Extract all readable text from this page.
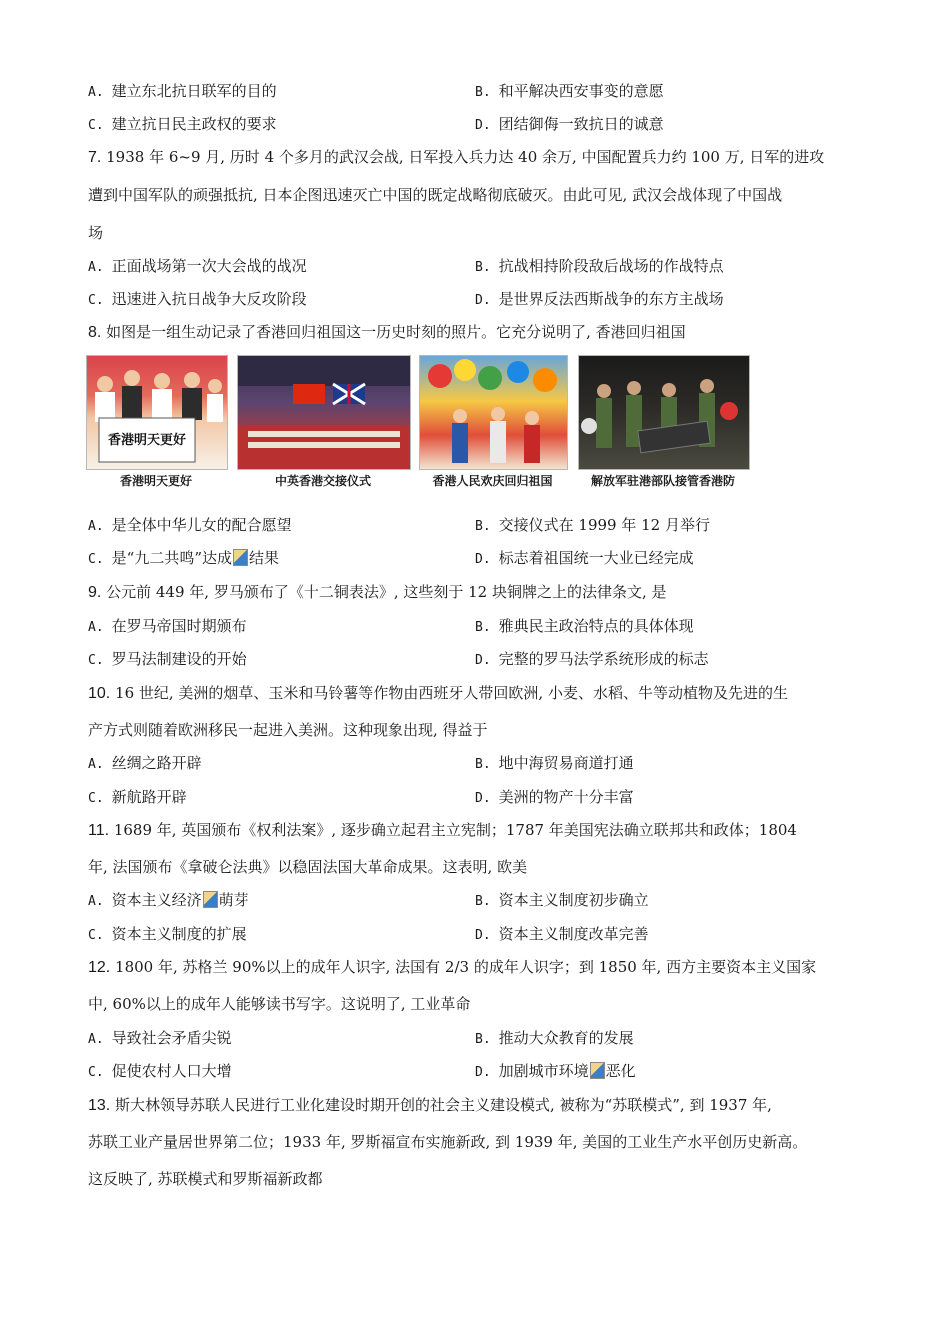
A. 建立东北抗日联军的目的	B. 和平解决西安事变的意愿
C. 建立抗日民主政权的要求	D. 团结御侮一致抗日的诚意
7. 1938 年 6~9 月, 历时 4 个多月的武汉会战, 日军投入兵力达 40 余万, 中国配置兵力约 100 万, 日军的进攻
遭到中国军队的顽强抵抗, 日本企图迅速灭亡中国的既定战略彻底破灭。由此可见, 武汉会战体现了中国战
场
A. 正面战场第一次大会战的战况	B. 抗战相持阶段敌后战场的作战特点
C. 迅速进入抗日战争大反攻阶段	D. 是世界反法西斯战争的东方主战场
8. 如图是一组生动记录了香港回归祖国这一历史时刻的照片。它充分说明了, 香港回归祖国
香港明天更好
香港明天更好	中英香港交接仪式	香港人民欢庆回归祖国	解放军驻港部队接管香港防
A. 是全体中华儿女的配合愿望	B. 交接仪式在 1999 年 12 月举行
C. 是“九二共鸣”达成 结果	D. 标志着祖国统一大业已经完成
9. 公元前 449 年, 罗马颁布了《十二铜表法》, 这些刻于 12 块铜牌之上的法律条文, 是
A. 在罗马帝国时期颁布	B. 雅典民主政治特点的具体体现
C. 罗马法制建设的开始	D. 完整的罗马法学系统形成的标志
10. 16 世纪, 美洲的烟草、玉米和马铃薯等作物由西班牙人带回欧洲, 小麦、水稻、牛等动植物及先进的生
产方式则随着欧洲移民一起进入美洲。这种现象出现, 得益于
A. 丝绸之路开辟	B. 地中海贸易商道打通
C. 新航路开辟	D. 美洲的物产十分丰富
11. 1689 年, 英国颁布《权利法案》, 逐步确立起君主立宪制；1787 年美国宪法确立联邦共和政体；1804
年, 法国颁布《拿破仑法典》以稳固法国大革命成果。这表明, 欧美
A. 资本主义经济 萌芽	B. 资本主义制度初步确立
C. 资本主义制度的扩展	D. 资本主义制度改革完善
12. 1800 年, 苏格兰 90%以上的成年人识字, 法国有 2/3 的成年人识字；到 1850 年, 西方主要资本主义国家
中, 60%以上的成年人能够读书写字。这说明了, 工业革命
A. 导致社会矛盾尖锐	B. 推动大众教育的发展
C. 促使农村人口大增	D. 加剧城市环境 恶化
13. 斯大林领导苏联人民进行工业化建设时期开创的社会主义建设模式, 被称为“苏联模式”, 到 1937 年,
苏联工业产量居世界第二位；1933 年, 罗斯福宣布实施新政, 到 1939 年, 美国的工业生产水平创历史新高。
这反映了, 苏联模式和罗斯福新政都
